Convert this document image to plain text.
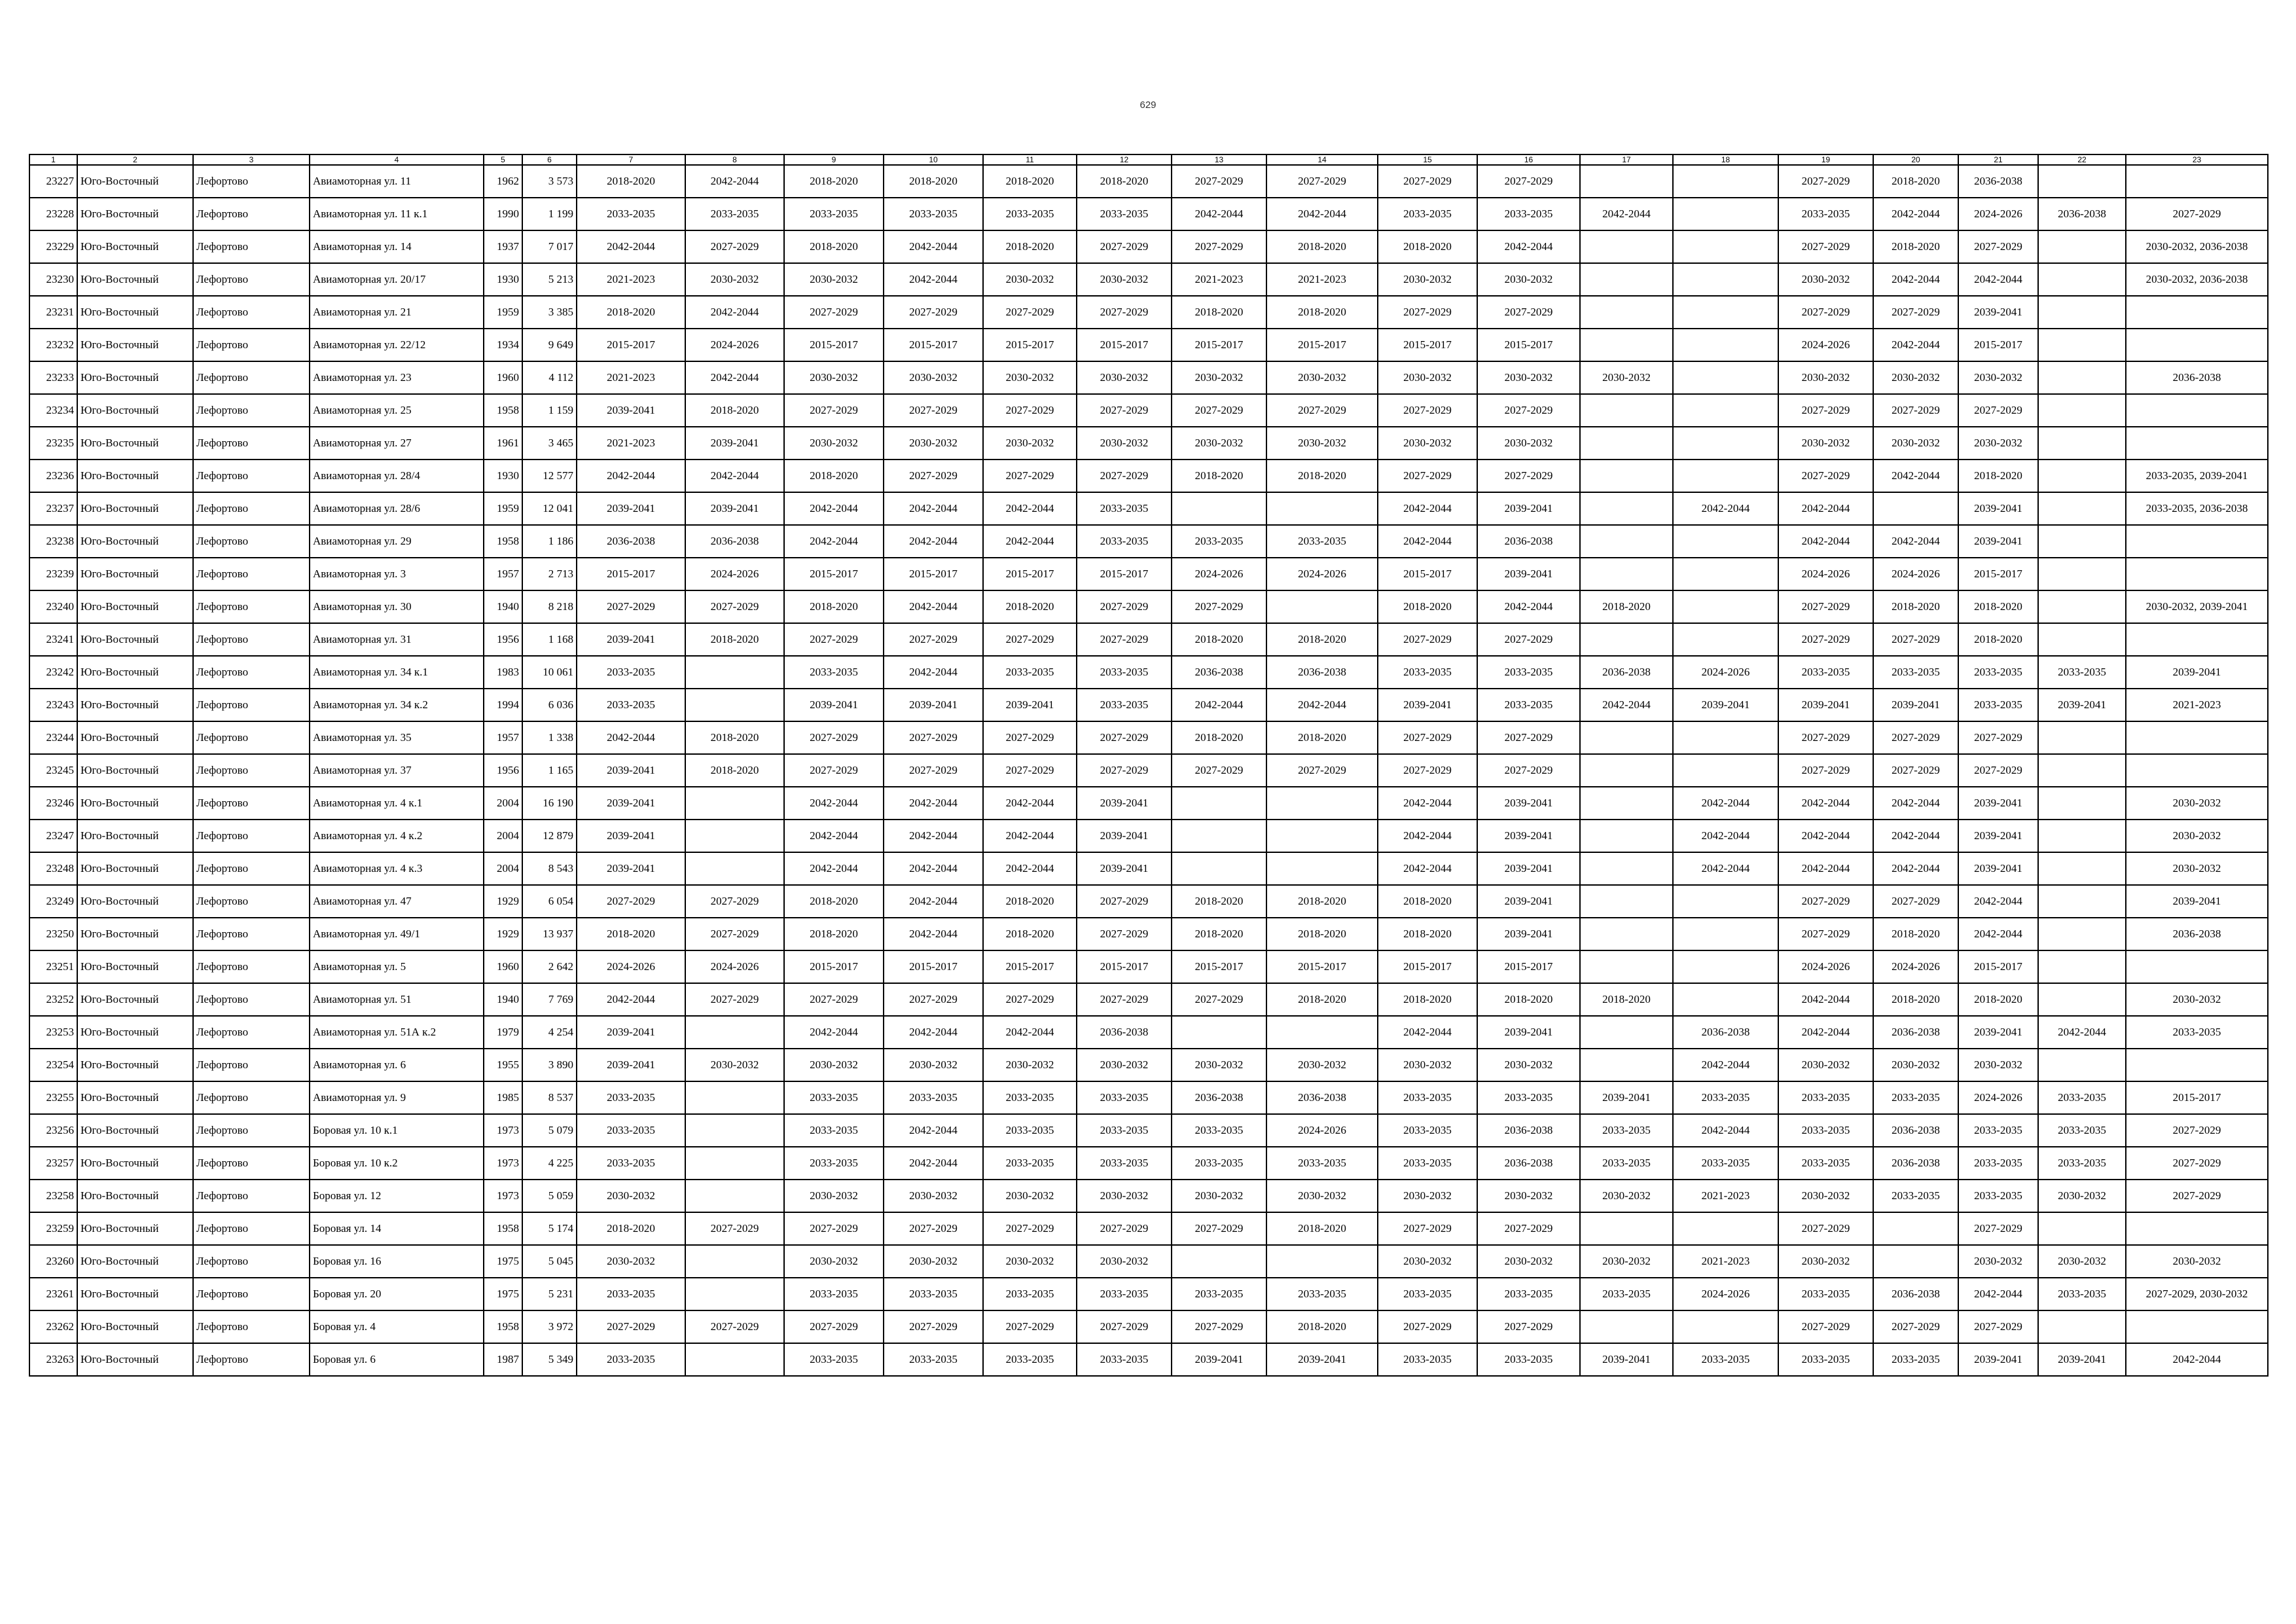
629
1	2	3	4	5	6	7	8	9	10	11	12	13	14	15	16	17	18	19	20	21	22	23
23227	Юго-Восточный	Лефортово	Авиамоторная ул. 11	1962	3 573	2018-2020	2042-2044	2018-2020	2018-2020	2018-2020	2018-2020	2027-2029	2027-2029	2027-2029	2027-2029			2027-2029	2018-2020	2036-2038		
23228	Юго-Восточный	Лефортово	Авиамоторная ул. 11 к.1	1990	1 199	2033-2035	2033-2035	2033-2035	2033-2035	2033-2035	2033-2035	2042-2044	2042-2044	2033-2035	2033-2035	2042-2044		2033-2035	2042-2044	2024-2026	2036-2038	2027-2029
23229	Юго-Восточный	Лефортово	Авиамоторная ул. 14	1937	7 017	2042-2044	2027-2029	2018-2020	2042-2044	2018-2020	2027-2029	2027-2029	2018-2020	2018-2020	2042-2044			2027-2029	2018-2020	2027-2029		2030-2032, 2036-2038
23230	Юго-Восточный	Лефортово	Авиамоторная ул. 20/17	1930	5 213	2021-2023	2030-2032	2030-2032	2042-2044	2030-2032	2030-2032	2021-2023	2021-2023	2030-2032	2030-2032			2030-2032	2042-2044	2042-2044		2030-2032, 2036-2038
23231	Юго-Восточный	Лефортово	Авиамоторная ул. 21	1959	3 385	2018-2020	2042-2044	2027-2029	2027-2029	2027-2029	2027-2029	2018-2020	2018-2020	2027-2029	2027-2029			2027-2029	2027-2029	2039-2041		
23232	Юго-Восточный	Лефортово	Авиамоторная ул. 22/12	1934	9 649	2015-2017	2024-2026	2015-2017	2015-2017	2015-2017	2015-2017	2015-2017	2015-2017	2015-2017	2015-2017			2024-2026	2042-2044	2015-2017		
23233	Юго-Восточный	Лефортово	Авиамоторная ул. 23	1960	4 112	2021-2023	2042-2044	2030-2032	2030-2032	2030-2032	2030-2032	2030-2032	2030-2032	2030-2032	2030-2032	2030-2032		2030-2032	2030-2032	2030-2032		2036-2038
23234	Юго-Восточный	Лефортово	Авиамоторная ул. 25	1958	1 159	2039-2041	2018-2020	2027-2029	2027-2029	2027-2029	2027-2029	2027-2029	2027-2029	2027-2029	2027-2029			2027-2029	2027-2029	2027-2029		
23235	Юго-Восточный	Лефортово	Авиамоторная ул. 27	1961	3 465	2021-2023	2039-2041	2030-2032	2030-2032	2030-2032	2030-2032	2030-2032	2030-2032	2030-2032	2030-2032			2030-2032	2030-2032	2030-2032		
23236	Юго-Восточный	Лефортово	Авиамоторная ул. 28/4	1930	12 577	2042-2044	2042-2044	2018-2020	2027-2029	2027-2029	2027-2029	2018-2020	2018-2020	2027-2029	2027-2029			2027-2029	2042-2044	2018-2020		2033-2035, 2039-2041
23237	Юго-Восточный	Лефортово	Авиамоторная ул. 28/6	1959	12 041	2039-2041	2039-2041	2042-2044	2042-2044	2042-2044	2033-2035			2042-2044	2039-2041		2042-2044	2042-2044		2039-2041		2033-2035, 2036-2038
23238	Юго-Восточный	Лефортово	Авиамоторная ул. 29	1958	1 186	2036-2038	2036-2038	2042-2044	2042-2044	2042-2044	2033-2035	2033-2035	2033-2035	2042-2044	2036-2038			2042-2044	2042-2044	2039-2041		
23239	Юго-Восточный	Лефортово	Авиамоторная ул. 3	1957	2 713	2015-2017	2024-2026	2015-2017	2015-2017	2015-2017	2015-2017	2024-2026	2024-2026	2015-2017	2039-2041			2024-2026	2024-2026	2015-2017		
23240	Юго-Восточный	Лефортово	Авиамоторная ул. 30	1940	8 218	2027-2029	2027-2029	2018-2020	2042-2044	2018-2020	2027-2029	2027-2029		2018-2020	2042-2044	2018-2020		2027-2029	2018-2020	2018-2020		2030-2032, 2039-2041
23241	Юго-Восточный	Лефортово	Авиамоторная ул. 31	1956	1 168	2039-2041	2018-2020	2027-2029	2027-2029	2027-2029	2027-2029	2018-2020	2018-2020	2027-2029	2027-2029			2027-2029	2027-2029	2018-2020		
23242	Юго-Восточный	Лефортово	Авиамоторная ул. 34 к.1	1983	10 061	2033-2035		2033-2035	2042-2044	2033-2035	2033-2035	2036-2038	2036-2038	2033-2035	2033-2035	2036-2038	2024-2026	2033-2035	2033-2035	2033-2035	2033-2035	2039-2041
23243	Юго-Восточный	Лефортово	Авиамоторная ул. 34 к.2	1994	6 036	2033-2035		2039-2041	2039-2041	2039-2041	2033-2035	2042-2044	2042-2044	2039-2041	2033-2035	2042-2044	2039-2041	2039-2041	2039-2041	2033-2035	2039-2041	2021-2023
23244	Юго-Восточный	Лефортово	Авиамоторная ул. 35	1957	1 338	2042-2044	2018-2020	2027-2029	2027-2029	2027-2029	2027-2029	2018-2020	2018-2020	2027-2029	2027-2029			2027-2029	2027-2029	2027-2029		
23245	Юго-Восточный	Лефортово	Авиамоторная ул. 37	1956	1 165	2039-2041	2018-2020	2027-2029	2027-2029	2027-2029	2027-2029	2027-2029	2027-2029	2027-2029	2027-2029			2027-2029	2027-2029	2027-2029		
23246	Юго-Восточный	Лефортово	Авиамоторная ул. 4 к.1	2004	16 190	2039-2041		2042-2044	2042-2044	2042-2044	2039-2041			2042-2044	2039-2041		2042-2044	2042-2044	2042-2044	2039-2041		2030-2032
23247	Юго-Восточный	Лефортово	Авиамоторная ул. 4 к.2	2004	12 879	2039-2041		2042-2044	2042-2044	2042-2044	2039-2041			2042-2044	2039-2041		2042-2044	2042-2044	2042-2044	2039-2041		2030-2032
23248	Юго-Восточный	Лефортово	Авиамоторная ул. 4 к.3	2004	8 543	2039-2041		2042-2044	2042-2044	2042-2044	2039-2041			2042-2044	2039-2041		2042-2044	2042-2044	2042-2044	2039-2041		2030-2032
23249	Юго-Восточный	Лефортово	Авиамоторная ул. 47	1929	6 054	2027-2029	2027-2029	2018-2020	2042-2044	2018-2020	2027-2029	2018-2020	2018-2020	2018-2020	2039-2041			2027-2029	2027-2029	2042-2044		2039-2041
23250	Юго-Восточный	Лефортово	Авиамоторная ул. 49/1	1929	13 937	2018-2020	2027-2029	2018-2020	2042-2044	2018-2020	2027-2029	2018-2020	2018-2020	2018-2020	2039-2041			2027-2029	2018-2020	2042-2044		2036-2038
23251	Юго-Восточный	Лефортово	Авиамоторная ул. 5	1960	2 642	2024-2026	2024-2026	2015-2017	2015-2017	2015-2017	2015-2017	2015-2017	2015-2017	2015-2017	2015-2017			2024-2026	2024-2026	2015-2017		
23252	Юго-Восточный	Лефортово	Авиамоторная ул. 51	1940	7 769	2042-2044	2027-2029	2027-2029	2027-2029	2027-2029	2027-2029	2027-2029	2018-2020	2018-2020	2018-2020	2018-2020		2042-2044	2018-2020	2018-2020		2030-2032
23253	Юго-Восточный	Лефортово	Авиамоторная ул. 51А к.2	1979	4 254	2039-2041		2042-2044	2042-2044	2042-2044	2036-2038			2042-2044	2039-2041		2036-2038	2042-2044	2036-2038	2039-2041	2042-2044	2033-2035
23254	Юго-Восточный	Лефортово	Авиамоторная ул. 6	1955	3 890	2039-2041	2030-2032	2030-2032	2030-2032	2030-2032	2030-2032	2030-2032	2030-2032	2030-2032	2030-2032		2042-2044	2030-2032	2030-2032	2030-2032		
23255	Юго-Восточный	Лефортово	Авиамоторная ул. 9	1985	8 537	2033-2035		2033-2035	2033-2035	2033-2035	2033-2035	2036-2038	2036-2038	2033-2035	2033-2035	2039-2041	2033-2035	2033-2035	2033-2035	2024-2026	2033-2035	2015-2017
23256	Юго-Восточный	Лефортово	Боровая ул. 10 к.1	1973	5 079	2033-2035		2033-2035	2042-2044	2033-2035	2033-2035	2033-2035	2024-2026	2033-2035	2036-2038	2033-2035	2042-2044	2033-2035	2036-2038	2033-2035	2033-2035	2027-2029
23257	Юго-Восточный	Лефортово	Боровая ул. 10 к.2	1973	4 225	2033-2035		2033-2035	2042-2044	2033-2035	2033-2035	2033-2035	2033-2035	2033-2035	2036-2038	2033-2035	2033-2035	2033-2035	2036-2038	2033-2035	2033-2035	2027-2029
23258	Юго-Восточный	Лефортово	Боровая ул. 12	1973	5 059	2030-2032		2030-2032	2030-2032	2030-2032	2030-2032	2030-2032	2030-2032	2030-2032	2030-2032	2030-2032	2021-2023	2030-2032	2033-2035	2033-2035	2030-2032	2027-2029
23259	Юго-Восточный	Лефортово	Боровая ул. 14	1958	5 174	2018-2020	2027-2029	2027-2029	2027-2029	2027-2029	2027-2029	2027-2029	2018-2020	2027-2029	2027-2029			2027-2029		2027-2029		
23260	Юго-Восточный	Лефортово	Боровая ул. 16	1975	5 045	2030-2032		2030-2032	2030-2032	2030-2032	2030-2032			2030-2032	2030-2032	2030-2032	2021-2023	2030-2032		2030-2032	2030-2032	2030-2032
23261	Юго-Восточный	Лефортово	Боровая ул. 20	1975	5 231	2033-2035		2033-2035	2033-2035	2033-2035	2033-2035	2033-2035	2033-2035	2033-2035	2033-2035	2033-2035	2024-2026	2033-2035	2036-2038	2042-2044	2033-2035	2027-2029, 2030-2032
23262	Юго-Восточный	Лефортово	Боровая ул. 4	1958	3 972	2027-2029	2027-2029	2027-2029	2027-2029	2027-2029	2027-2029	2027-2029	2018-2020	2027-2029	2027-2029			2027-2029	2027-2029	2027-2029		
23263	Юго-Восточный	Лефортово	Боровая ул. 6	1987	5 349	2033-2035		2033-2035	2033-2035	2033-2035	2033-2035	2039-2041	2039-2041	2033-2035	2033-2035	2039-2041	2033-2035	2033-2035	2033-2035	2039-2041	2039-2041	2042-2044
